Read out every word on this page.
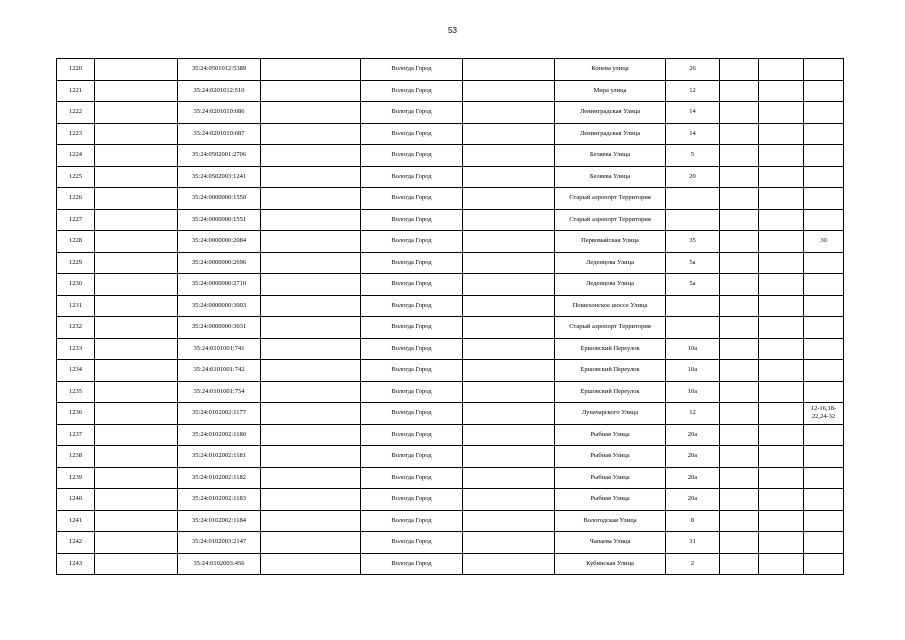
53
1220		35:24:0501012:5389		Вологда Город		Конева улица	26			
1221		35:24:0201012:510		Вологда Город		Мира улица	12			
1222		35:24:0201010:686		Вологда Город		Ленинградская Улица	14			
1223		35:24:0201010:687		Вологда Город		Ленинградская Улица	14			
1224		35:24:0502001:2706		Вологда Город		Беляева Улица	5			
1225		35:24:0502003:1241		Вологда Город		Беляева Улица	20			
1226		35:24:0000000:1550		Вологда Город		Старый аэропорт Территория				
1227		35:24:0000000:1551		Вологда Город		Старый аэропорт Территория				
1228		35:24:0000000:2084		Вологда Город		Первомайская Улица	35			30
1229		35:24:0000000:2696		Вологда Город		Леденцова Улица	5а			
1230		35:24:0000000:2710		Вологда Город		Леденцова Улица	5а			
1231		35:24:0000000:3003		Вологда Город		Пошехонское шоссе Улица				
1232		35:24:0000000:3031		Вологда Город		Старый аэропорт Территория				
1233		35:24:0101001:741		Вологда Город		Ершовский Переулок	10а			
1234		35:24:0101001:742		Вологда Город		Ершовский Переулок	10а			
1235		35:24:0101001:754		Вологда Город		Ершовский Переулок	10а			
1236		35:24:0102002:1177		Вологда Город		Луначарского Улица	12			12-16,18-22,24-32
1237		35:24:0102002:1180		Вологда Город		Рыбная Улица	20а			
1238		35:24:0102002:1181		Вологда Город		Рыбная Улица	20а			
1239		35:24:0102002:1182		Вологда Город		Рыбная Улица	20а			
1240		35:24:0102002:1183		Вологда Город		Рыбная Улица	20а			
1241		35:24:0102002:1184		Вологда Город		Вологодская Улица	8			
1242		35:24:0102003:2147		Вологда Город		Чапаева Улица	31			
1243		35:24:0102003:456		Вологда Город		Кубинская Улица	2			
